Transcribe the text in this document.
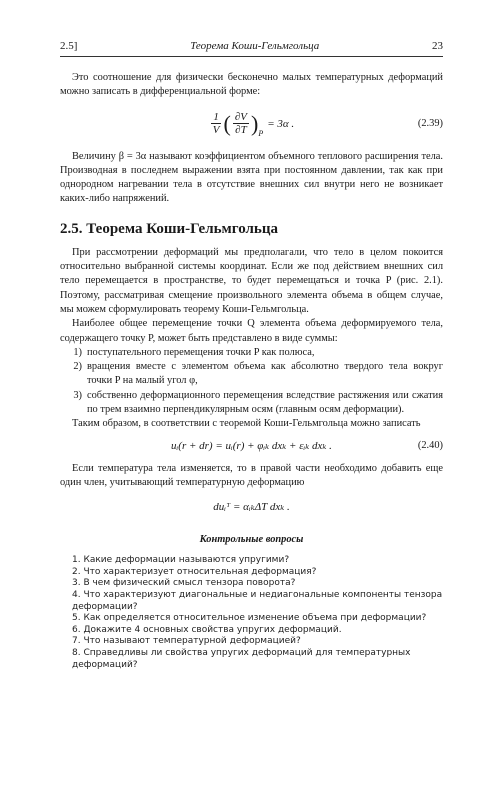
2.5]	Теорема Коши-Гельмгольца	23

Это соотношение для физически бесконечно малых температурных деформаций можно записать в дифференциальной форме:

$\frac{1}{V}$ ( $\frac{\partial V}{\partial T} )_P$
= 3α .	(2.39)

Величину β = 3α называют коэффициентом объемного теплового расширения тела. Производная в последнем выражении взята при постоянном давлении, так как при однородном нагревании тела в отсутствие внешних сил внутри него не возникает каких-либо напряжений.

2.5. Теорема Коши-Гельмгольца

При рассмотрении деформаций мы предполагали, что тело в целом покоится относительно выбранной системы координат. Если же под действием внешних сил тело перемещается в пространстве, то будет перемещаться и точка P (рис. 2.1). Поэтому, рассматривая смещение произвольного элемента объема в общем случае, мы можем сформулировать теорему Коши-Гельмгольца.

Наиболее общее перемещение точки Q элемента объема деформируемого тела, содержащего точку P, может быть представлено в виде суммы:

1) поступательного перемещения точки P как полюса,
2) вращения вместе с элементом объема как абсолютно твердого тела вокруг точки P на малый угол φ,
3) собственно деформационного перемещения вследствие растяжения или сжатия по трем взаимно перпендикулярным осям (главным осям деформации).

Таким образом, в соответствии с теоремой Коши-Гельмгольца можно записать

uᵢ(r + dr) = uᵢ(r) + φᵢₖ dxₖ + εᵢₖ dxₖ .	(2.40)

Если температура тела изменяется, то в правой части необходимо добавить еще один член, учитывающий температурную деформацию

duᵢᵀ = αᵢₖΔT dxₖ .
Контрольные вопросы
1. Какие деформации называются упругими?
2. Что характеризует относительная деформация?
3. В чем физический смысл тензора поворота?
4. Что характеризуют диагональные и недиагональные компоненты тензора деформации?
5. Как определяется относительное изменение объема при деформации?
6. Докажите 4 основных свойства упругих деформаций.
7. Что называют температурной деформацией?
8. Справедливы ли свойства упругих деформаций для температурных деформаций?
